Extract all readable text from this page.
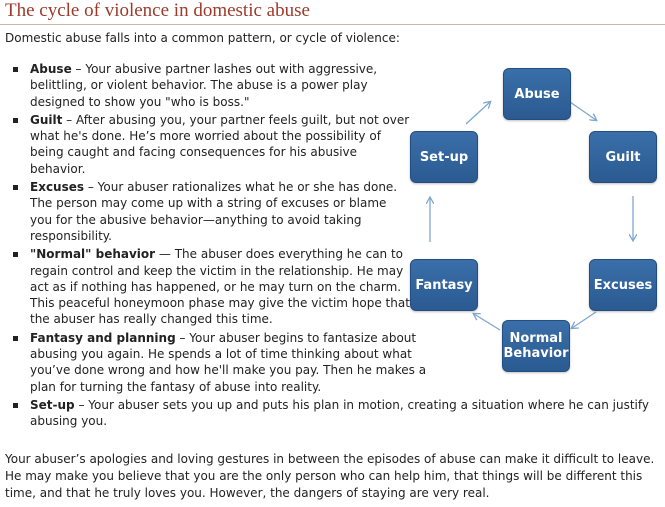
The cycle of violence in domestic abuse
Domestic abuse falls into a common pattern, or cycle of violence:
Abuse – Your abusive partner lashes out with aggressive, belittling, or violent behavior. The abuse is a power play designed to show you "who is boss."
Guilt – After abusing you, your partner feels guilt, but not over what he's done. He’s more worried about the possibility of being caught and facing consequences for his abusive behavior.
Excuses – Your abuser rationalizes what he or she has done. The person may come up with a string of excuses or blame you for the abusive behavior—anything to avoid taking responsibility.
"Normal" behavior — The abuser does everything he can to regain control and keep the victim in the relationship. He may act as if nothing has happened, or he may turn on the charm. This peaceful honeymoon phase may give the victim hope that the abuser has really changed this time.
Fantasy and planning – Your abuser begins to fantasize about abusing you again. He spends a lot of time thinking about what you’ve done wrong and how he'll make you pay. Then he makes a plan for turning the fantasy of abuse into reality.
Set-up – Your abuser sets you up and puts his plan in motion, creating a situation where he can justify abusing you.
Abuse
Guilt
Excuses
Normal
Behavior
Fantasy
Set-up
Your abuser’s apologies and loving gestures in between the episodes of abuse can make it difficult to leave. He may make you believe that you are the only person who can help him, that things will be different this time, and that he truly loves you. However, the dangers of staying are very real.
